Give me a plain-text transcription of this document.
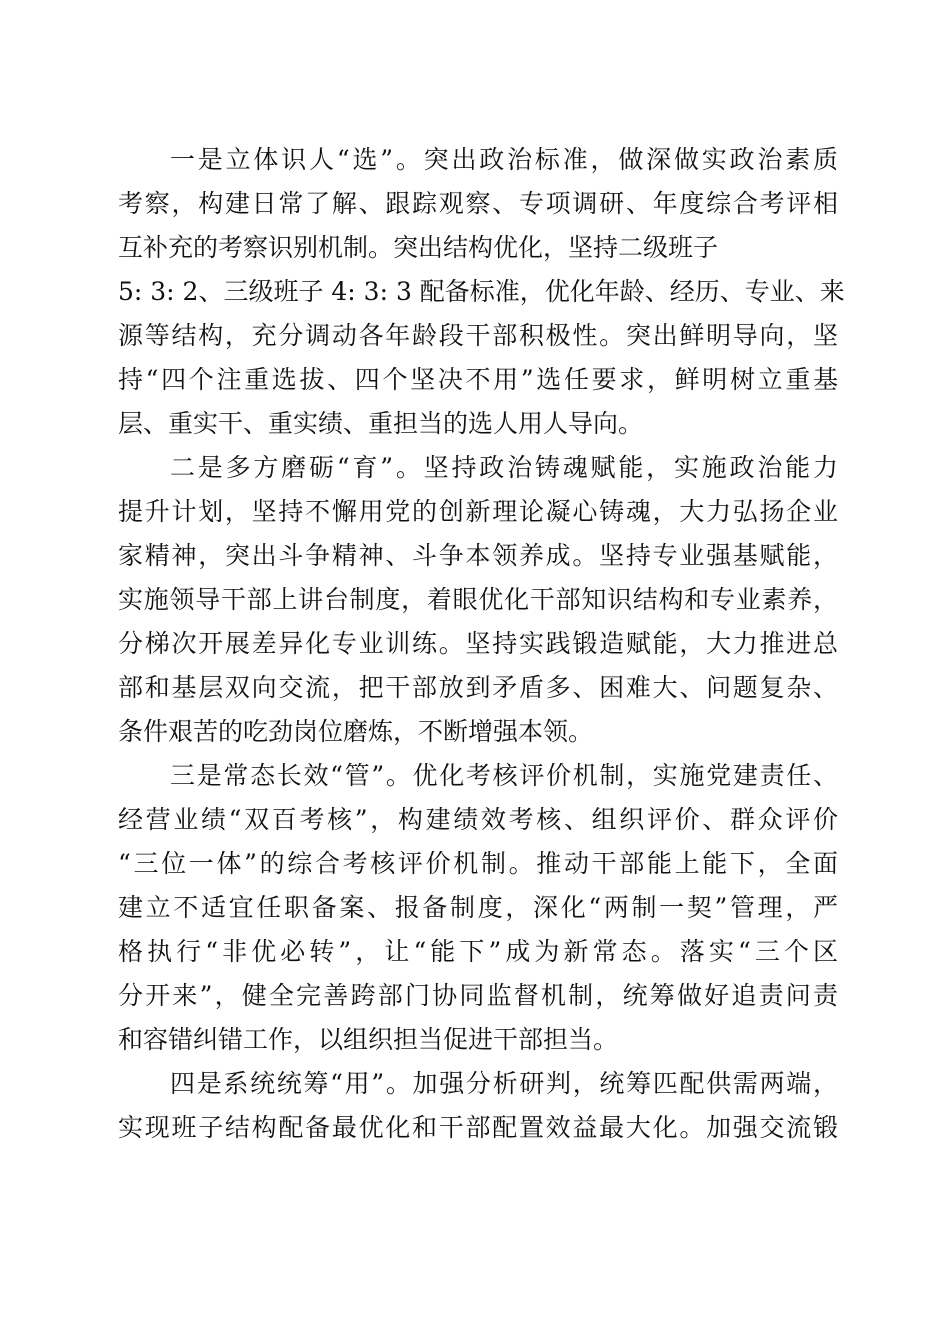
一是立体识人“选”。突出政治标准，做深做实政治素质
考察，构建日常了解、跟踪观察、专项调研、年度综合考评相
互补充的考察识别机制。突出结构优化，坚持二级班子
5: 3: 2、三级班子 4: 3: 3 配备标准，优化年龄、经历、专业、来
源等结构，充分调动各年龄段干部积极性。突出鲜明导向，坚
持“四个注重选拔、四个坚决不用”选任要求，鲜明树立重基
层、重实干、重实绩、重担当的选人用人导向。
二是多方磨砺“育”。坚持政治铸魂赋能，实施政治能力
提升计划，坚持不懈用党的创新理论凝心铸魂，大力弘扬企业
家精神，突出斗争精神、斗争本领养成。坚持专业强基赋能，
实施领导干部上讲台制度，着眼优化干部知识结构和专业素养，
分梯次开展差异化专业训练。坚持实践锻造赋能，大力推进总
部和基层双向交流，把干部放到矛盾多、困难大、问题复杂、
条件艰苦的吃劲岗位磨炼，不断增强本领。
三是常态长效“管”。优化考核评价机制，实施党建责任、
经营业绩“双百考核”，构建绩效考核、组织评价、群众评价
“三位一体”的综合考核评价机制。推动干部能上能下，全面
建立不适宜任职备案、报备制度，深化“两制一契”管理，严
格执行“非优必转”，让“能下”成为新常态。落实“三个区
分开来”，健全完善跨部门协同监督机制，统筹做好追责问责
和容错纠错工作，以组织担当促进干部担当。
四是系统统筹“用”。加强分析研判，统筹匹配供需两端，
实现班子结构配备最优化和干部配置效益最大化。加强交流锻
